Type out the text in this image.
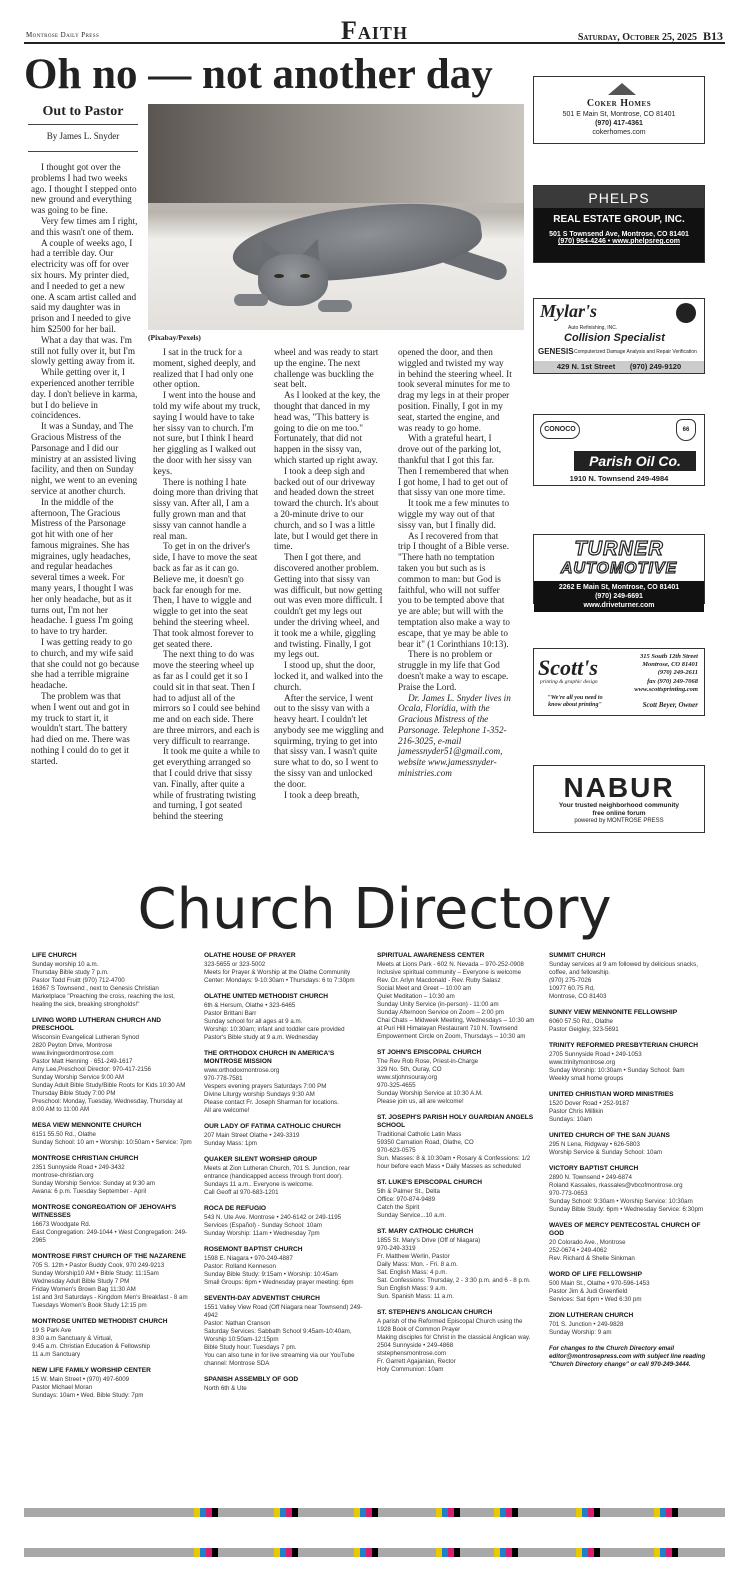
Montrose Daily Press	Faith	Saturday, October 25, 2025 B13
Oh no — not another day
Out to Pastor
By James L. Snyder
(Pixabay/Pexels)

I thought got over the problems I had two weeks ago. I thought I stepped onto new ground and everything was going to be fine.

Very few times am I right, and this wasn't one of them.

A couple of weeks ago, I had a terrible day. Our electricity was off for over six hours. My printer died, and I needed to get a new one. A scam artist called and said my daughter was in prison and I needed to give him $2500 for her bail.

What a day that was. I'm still not fully over it, but I'm slowly getting away from it.

While getting over it, I experienced another terrible day. I don't believe in karma, but I do believe in coincidences.

It was a Sunday, and The Gracious Mistress of the Parsonage and I did our ministry at an assisted living facility, and then on Sunday night, we went to an evening service at another church.

In the middle of the afternoon, The Gracious Mistress of the Parsonage got hit with one of her famous migraines. She has migraines, ugly headaches, and regular headaches several times a week. For many years, I thought I was her only headache, but as it turns out, I'm not her headache. I guess I'm going to have to try harder.

I was getting ready to go to church, and my wife said that she could not go because she had a terrible migraine headache.

The problem was that when I went out and got in my truck to start it, it wouldn't start. The battery had died on me. There was nothing I could do to get it started.

I sat in the truck for a moment, sighed deeply, and realized that I had only one other option.

I went into the house and told my wife about my truck, saying I would have to take her sissy van to church. I'm not sure, but I think I heard her giggling as I walked out the door with her sissy van keys.

There is nothing I hate doing more than driving that sissy van. After all, I am a fully grown man and that sissy van cannot handle a real man.

To get in on the driver's side, I have to move the seat back as far as it can go. Believe me, it doesn't go back far enough for me. Then, I have to wiggle and wiggle to get into the seat behind the steering wheel. That took almost forever to get seated there.

The next thing to do was move the steering wheel up as far as I could get it so I could sit in that seat. Then I had to adjust all of the mirrors so I could see behind me and on each side. There are three mirrors, and each is very difficult to rearrange.

It took me quite a while to get everything arranged so that I could drive that sissy van. Finally, after quite a while of frustrating twisting and turning, I got seated behind the steering

wheel and was ready to start up the engine. The next challenge was buckling the seat belt.

As I looked at the key, the thought that danced in my head was, "This battery is going to die on me too." Fortunately, that did not happen in the sissy van, which started up right away.

I took a deep sigh and backed out of our driveway and headed down the street toward the church. It's about a 20-minute drive to our church, and so I was a little late, but I would get there in time.

Then I got there, and discovered another problem. Getting into that sissy van was difficult, but now getting out was even more difficult. I couldn't get my legs out under the driving wheel, and it took me a while, giggling and twisting. Finally, I got my legs out.

I stood up, shut the door, locked it, and walked into the church.

After the service, I went out to the sissy van with a heavy heart. I couldn't let anybody see me wiggling and squirming, trying to get into that sissy van. I wasn't quite sure what to do, so I went to the sissy van and unlocked the door.

I took a deep breath,

opened the door, and then wiggled and twisted my way in behind the steering wheel. It took several minutes for me to drag my legs in at their proper position. Finally, I got in my seat, started the engine, and was ready to go home.

With a grateful heart, I drove out of the parking lot, thankful that I got this far. Then I remembered that when I got home, I had to get out of that sissy van one more time.

It took me a few minutes to wiggle my way out of that sissy van, but I finally did.

As I recovered from that trip I thought of a Bible verse. "There hath no temptation taken you but such as is common to man: but God is faithful, who will not suffer you to be tempted above that ye are able; but will with the temptation also make a way to escape, that ye may be able to bear it" (1 Corinthians 10:13).

There is no problem or struggle in my life that God doesn't make a way to escape. Praise the Lord.

Dr. James L. Snyder lives in Ocala, Floridia, with the Gracious Mistress of the Parsonage. Telephone 1-352-216-3025, e-mail jamessnyder51@gmail.com, website www.jamessnyder-ministries.com

Coker Homes
501 E Main St, Montrose, CO 81401
(970) 417-4361
cokerhomes.com
PHELPS
REAL ESTATE GROUP, INC.
501 S Townsend Ave, Montrose, CO 81401
(970) 964-4246 • www.phelpsreg.com
Mylar's
Auto Refinishing, INC.
Collision Specialist
GENESIS Computerized Damage Analysis and Repair Verification
429 N. 1st Street (970) 249-9120
CONOCO	66
Parish Oil Co.
1910 N. Townsend 249-4984
TURNER
AUTOMOTIVE
2262 E Main St, Montrose, CO 81401
(970) 249-6691
www.driveturner.com
Scott's
printing & graphic design
315 South 12th Street
Montrose, CO 81401
(970) 249-2611
fax (970) 249-7068
www.scottsprinting.com
"We're all you need to know about printing"	Scott Beyer, Owner
NABUR
Your trusted neighborhood community
free online forum
powered by MONTROSE PRESS
Church Directory
LIFE CHURCH
Sunday worship 10 a.m.
Thursday Bible study 7 p.m.
Pastor Todd Fruitt (970) 712-4700
16367 S Townsend , next to Genesis Christian Marketplace "Preaching the cross, reaching the lost, healing the sick, breaking strongholds!"
LIVING WORD LUTHERAN CHURCH AND PRESCHOOL
Wisconsin Evangelical Lutheran Synod
2820 Peyton Drive, Montrose
www.livingwordmontrose.com
Pastor Matt Henning · 651-249-1617
Amy Lee,Preschool Director: 970-417-2156
Sunday Worship Service 9:00 AM
Sunday Adult Bible Study/Bible Roots for Kids 10:30 AM
Thursday Bible Study 7:00 PM
Preschool: Monday, Tuesday, Wednesday, Thursday at 8:00 AM to 11:00 AM
MESA VIEW MENNONITE CHURCH
6151 55.50 Rd., Olathe
Sunday School: 10 am • Worship: 10:50am • Service: 7pm
MONTROSE CHRISTIAN CHURCH
2351 Sunnyside Road • 249-3432
montrose-christian.org
Sunday Worship Service: Sunday at 9:30 am
Awana: 6 p.m. Tuesday September - April
MONTROSE CONGREGATION OF JEHOVAH'S WITNESSES
16673 Woodgate Rd.
East Congregation: 249-1044 • West Congregation: 249-2965
MONTROSE FIRST CHURCH OF THE NAZARENE
705 S. 12th • Pastor Buddy Cook, 970 249-9213
Sunday Worship10 AM • Bible Study: 11:15am
Wednesday Adult Bible Study 7 PM
Friday Women's Brown Bag 11:30 AM
1st and 3rd Saturdays - Kingdom Men's Breakfast - 8 am
Tuesdays Women's Book Study 12:15 pm
MONTROSE UNITED METHODIST CHURCH
19 S Park Ave
8:30 a.m Sanctuary & Virtual,
9:45 a.m. Christian Education & Fellowship
11 a.m Sanctuary
NEW LIFE FAMILY WORSHIP CENTER
15 W. Main Street • (970) 497-6009
Pastor Michael Moran
Sundays: 10am • Wed. Bible Study: 7pm
OLATHE HOUSE OF PRAYER
323-5655 or 323-5002
Meets for Prayer & Worship at the Olathe Community Center: Mondays: 9-10:30am • Thursdays: 6 to 7:30pm
OLATHE UNITED METHODIST CHURCH
6th & Hersum, Olathe • 323-6465
Pastor Brittani Barr
Sunday school for all ages at 9 a.m.
Worship: 10:30am; infant and toddler care provided
Pastor's Bible study at 9 a.m. Wednesday
THE ORTHODOX CHURCH IN AMERICA'S MONTROSE MISSION
www.orthodoxmontrose.org
970-778-7581
Vespers evening prayers Saturdays 7:00 PM
Divine Liturgy worship Sundays 9:30 AM
Please contact Fr. Joseph Sharman for locations.
All are welcome!
OUR LADY OF FATIMA CATHOLIC CHURCH
207 Main Street Olathe • 249-3319
Sunday Mass: 1pm
QUAKER SILENT WORSHIP GROUP
Meets at Zion Lutheran Church, 701 S. Junction, rear entrance (handicapped access through front door). Sundays 11 a.m.. Everyone is welcome.
Call Geoff at 970-683-1201
ROCA DE REFUGIO
543 N. Ute Ave. Montrose • 240-6142 or 249-1195
Services (Español) - Sunday School: 10am
Sunday Worship: 11am • Wednesday 7pm
ROSEMONT BAPTIST CHURCH
1598 E. Niagara • 970-249-4887
Pastor: Rolland Kenneson
Sunday Bible Study: 9:15am • Worship: 10:45am
Small Groups: 6pm • Wednesday prayer meeting: 6pm
SEVENTH-DAY ADVENTIST CHURCH
1551 Valley View Road (Off Niagara near Townsend) 249-4942
Pastor: Nathan Cranson
Saturday Services: Sabbath School 9:45am-10:40am, Worship 10:50am-12:15pm
Bible Study hour: Tuesdays 7 pm.
You can also tune in for live streaming via our YouTube channel: Montrose SDA
SPANISH ASSEMBLY OF GOD
North 6th & Ute
SPIRITUAL AWARENESS CENTER
Meets at Lions Park - 602 N. Nevada – 970-252-0908
Inclusive spiritual community – Everyone is welcome
Rev. Dr. Arlyn Macdonald - Rev. Ruby Salasz
Social Meet and Greet – 10:00 am
Quiet Meditation – 10:30 am
Sunday Unity Service (in-person) - 11:00 am
Sunday Afternoon Service on Zoom – 2:00 pm
Chai Chats – Midweek Meeting, Wednesdays – 10:30 am
at Puri Hill Himalayan Restaurant 710 N. Townsend
Empowerment Circle on Zoom, Thursdays – 10:30 am
ST JOHN'S EPISCOPAL CHURCH
The Rev Rob Rose, Priest-in-Charge
329 No. 5th, Ouray, CO
www.stjohnsouray.org
970-325-4655
Sunday Worship Service at 10:30 A.M.
Please join us, all are welcome!
ST. JOSEPH'S PARISH HOLY GUARDIAN ANGELS SCHOOL
Traditional Catholic Latin Mass
59350 Carnation Road, Olathe, CO
970-623-0575
Sun. Masses: 8 & 10:30am • Rosary & Confessions: 1/2 hour before each Mass • Daily Masses as scheduled
ST. LUKE'S EPISCOPAL CHURCH
5th & Palmer St., Delta
Office: 970-874-9489
Catch the Spirit
Sunday Service...10 a.m.
ST. MARY CATHOLIC CHURCH
1855 St. Mary's Drive (Off of Niagara)
970-249-3319
Fr. Matthew Werlin, Pastor
Daily Mass: Mon. - Fri. 8 a.m.
Sat. English Mass: 4 p.m.
Sat. Confessions: Thursday, 2 - 3:30 p.m. and 6 - 8 p.m.
Sun English Mass: 9 a.m.
Sun. Spanish Mass: 11 a.m.
ST. STEPHEN'S ANGLICAN CHURCH
A parish of the Reformed Episcopal Church using the 1928 Book of Common Prayer
Making disciples for Christ in the classical Anglican way.
2504 Sunnyside • 249-4868
ststephensmontrose.com
Fr. Garrett Agajanian, Rector
Holy Communion: 10am
SUMMIT CHURCH
Sunday services at 9 am followed by delicious snacks, coffee, and fellowship.
(970) 275-7026
10977 60.75 Rd,
Montrose, CO 81403
SUNNY VIEW MENNONITE FELLOWSHIP
6060 57.50 Rd., Olathe
Pastor Geigley, 323-5691
TRINITY REFORMED PRESBYTERIAN CHURCH
2705 Sunnyside Road • 249-1053
www.trinitymontrose.org
Sunday Worship: 10:30am • Sunday School: 9am
Weekly small home groups
UNITED CHRISTIAN WORD MINISTRIES
1520 Dover Road • 252-9187
Pastor Chris Millikin
Sundays: 10am
UNITED CHURCH OF THE SAN JUANS
295 N Lena, Ridgway • 626-5803
Worship Service & Sunday School: 10am
VICTORY BAPTIST CHURCH
2890 N. Townsend • 249-6874
Roland Kassales, rkassales@vbcofmontrose.org
970-773-0653
Sunday School: 9:30am • Worship Service: 10:30am
Sunday Bible Study: 6pm • Wednesday Service: 6:30pm
WAVES OF MERCY PENTECOSTAL CHURCH OF GOD
20 Colorado Ave., Montrose
252-0674 • 249-4062
Rev. Richard & Shelle Sinkman
WORD OF LIFE FELLOWSHIP
500 Main St., Olathe • 970-596-1453
Pastor Jim & Judi Greenfield
Services: Sat 6pm • Wed 6:30 pm
ZION LUTHERAN CHURCH
701 S. Junction • 249-9828
Sunday Worship: 9 am
For changes to the Church Directory email editor@montrosepress.com with subject line reading "Church Directory change" or call 970-249-3444.
